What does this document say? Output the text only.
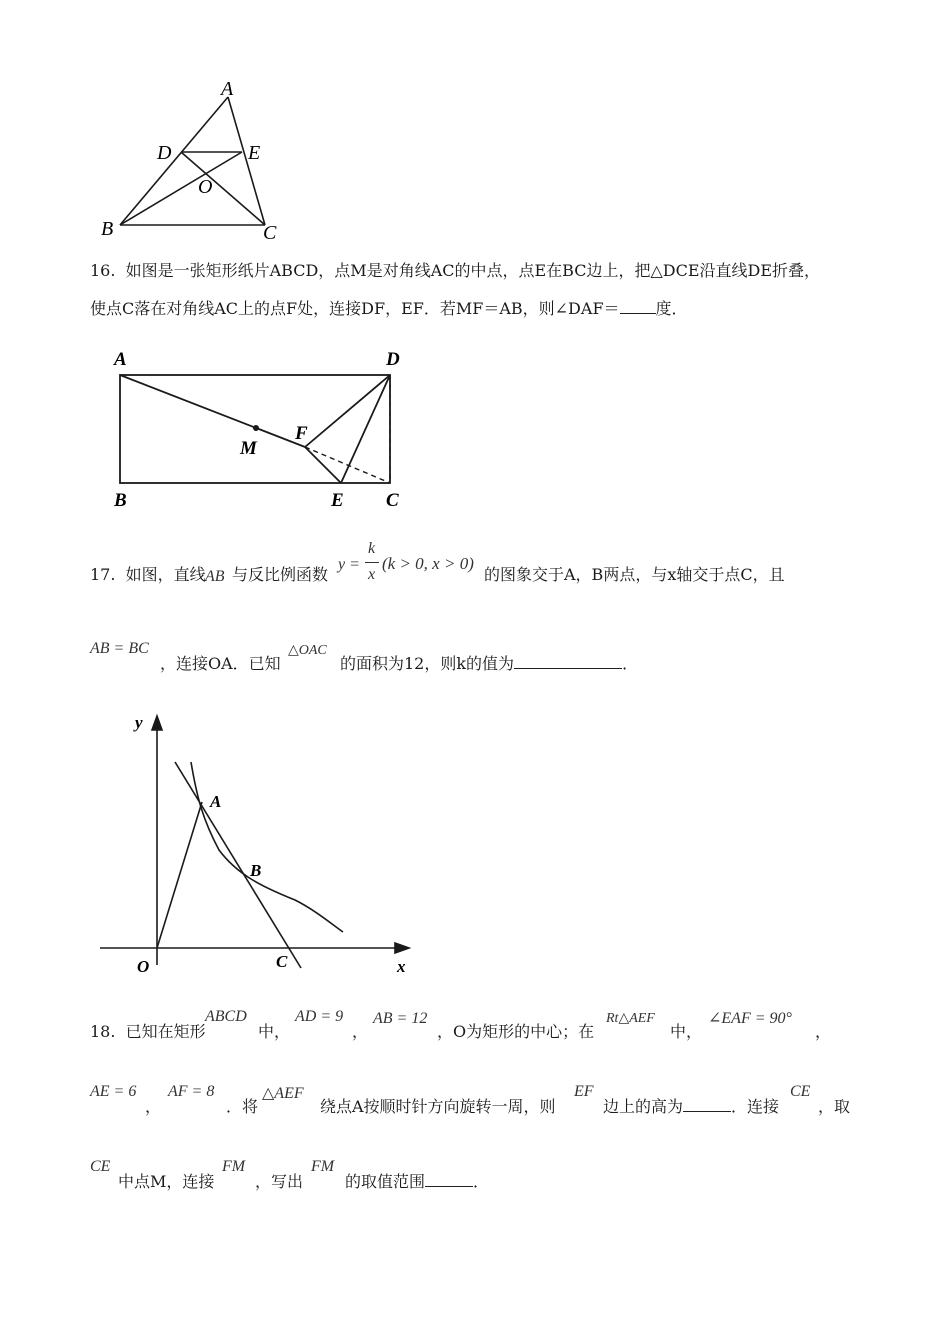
A
D	E
O
B	C
16. 如图是一张矩形纸片ABCD，点M是对角线AC的中点，点E在BC边上，把△DCE沿直线DE折叠，
使点C落在对角线AC上的点F处，连接DF，EF．若MF＝AB，则∠DAF＝ 度．
A	D
M
F
B	E C
17. 如图，直线 AB 与反比例函数
y =
k
x
(k > 0, x > 0)
的图象交于A，B两点，与x轴交于点C，且
AB = BC
，连接OA．已知
△OAC
的面积为12，则k的值为	．
y
x
O
A
B
C
18. 已知在矩形
ABCD
中，
AD = 9
，
AB = 12
，O为矩形的中心；在
Rt△AEF
中，
∠EAF = 90°
，
AE = 6
，
AF = 8
．将
△AEF
绕点A按顺时针方向旋转一周，则
EF
边上的高为	．连接
CE
，取
CE
中点M，连接
FM
，写出
FM
的取值范围	．
